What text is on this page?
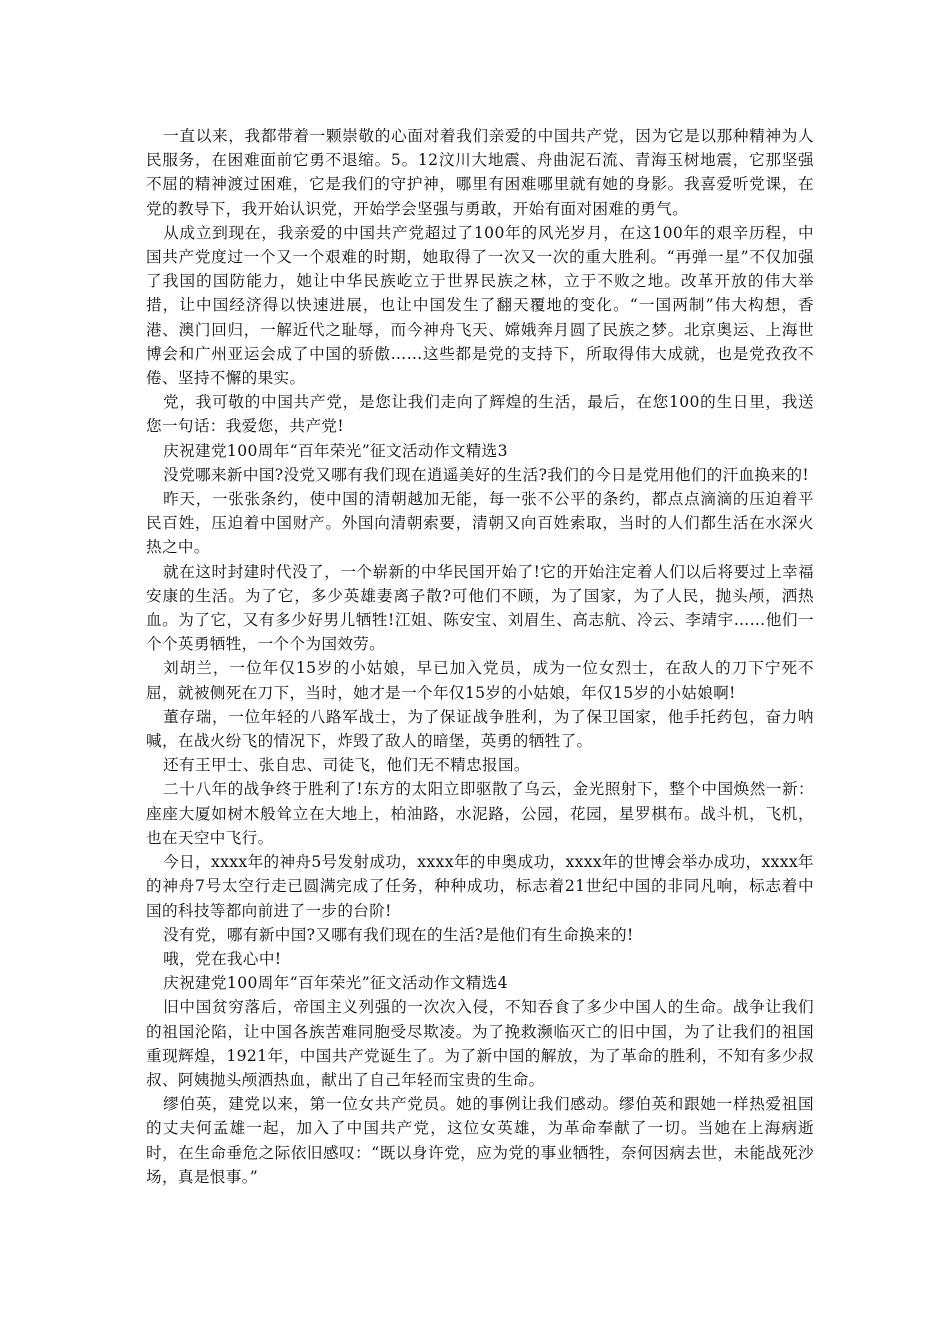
一直以来，我都带着一颗崇敬的心面对着我们亲爱的中国共产党，因为它是以那种精神为人民服务，在困难面前它勇不退缩。5。12汶川大地震、舟曲泥石流、青海玉树地震，它那坚强不屈的精神渡过困难，它是我们的守护神，哪里有困难哪里就有她的身影。我喜爱听党课，在党的教导下，我开始认识党，开始学会坚强与勇敢，开始有面对困难的勇气。

从成立到现在，我亲爱的中国共产党超过了100年的风光岁月，在这100年的艰辛历程，中国共产党度过一个又一个艰难的时期，她取得了一次又一次的重大胜利。“再弹一星”不仅加强了我国的国防能力，她让中华民族屹立于世界民族之林，立于不败之地。改革开放的伟大举措，让中国经济得以快速进展，也让中国发生了翻天覆地的变化。“一国两制”伟大构想，香港、澳门回归，一解近代之耻辱，而今神舟飞天、嫦娥奔月圆了民族之梦。北京奥运、上海世博会和广州亚运会成了中国的骄傲……这些都是党的支持下，所取得伟大成就，也是党孜孜不倦、坚持不懈的果实。

党，我可敬的中国共产党，是您让我们走向了辉煌的生活，最后，在您100的生日里，我送您一句话：我爱您，共产党!

庆祝建党100周年“百年荣光”征文活动作文精选3

没党哪来新中国?没党又哪有我们现在逍遥美好的生活?我们的今日是党用他们的汗血换来的!

昨天，一张张条约，使中国的清朝越加无能，每一张不公平的条约，都点点滴滴的压迫着平民百姓，压迫着中国财产。外国向清朝索要，清朝又向百姓索取，当时的人们都生活在水深火热之中。

就在这时封建时代没了，一个崭新的中华民国开始了!它的开始注定着人们以后将要过上幸福安康的生活。为了它，多少英雄妻离子散?可他们不顾，为了国家，为了人民，抛头颅，洒热血。为了它，又有多少好男儿牺牲!江姐、陈安宝、刘眉生、高志航、冷云、李靖宇……他们一个个英勇牺牲，一个个为国效劳。

刘胡兰，一位年仅15岁的小姑娘，早已加入党员，成为一位女烈士，在敌人的刀下宁死不屈，就被侧死在刀下，当时，她才是一个年仅15岁的小姑娘，年仅15岁的小姑娘啊!

董存瑞，一位年轻的八路军战士，为了保证战争胜利，为了保卫国家，他手托药包，奋力呐喊，在战火纷飞的情况下，炸毁了敌人的暗堡，英勇的牺牲了。

还有王甲士、张自忠、司徒飞，他们无不精忠报国。

二十八年的战争终于胜利了!东方的太阳立即驱散了乌云，金光照射下，整个中国焕然一新：座座大厦如树木般耸立在大地上，柏油路，水泥路，公园，花园，星罗棋布。战斗机，飞机，也在天空中飞行。

今日，xxxx年的神舟5号发射成功，xxxx年的申奥成功，xxxx年的世博会举办成功，xxxx年的神舟7号太空行走已圆满完成了任务，种种成功，标志着21世纪中国的非同凡响，标志着中国的科技等都向前进了一步的台阶!

没有党，哪有新中国?又哪有我们现在的生活?是他们有生命换来的!

哦，党在我心中!

庆祝建党100周年“百年荣光”征文活动作文精选4

旧中国贫穷落后，帝国主义列强的一次次入侵，不知吞食了多少中国人的生命。战争让我们的祖国沦陷，让中国各族苦难同胞受尽欺凌。为了挽救濒临灭亡的旧中国，为了让我们的祖国重现辉煌，1921年，中国共产党诞生了。为了新中国的解放，为了革命的胜利，不知有多少叔叔、阿姨抛头颅洒热血，献出了自己年轻而宝贵的生命。

缪伯英，建党以来，第一位女共产党员。她的事例让我们感动。缪伯英和跟她一样热爱祖国的丈夫何孟雄一起，加入了中国共产党，这位女英雄，为革命奉献了一切。当她在上海病逝时，在生命垂危之际依旧感叹：“既以身许党，应为党的事业牺牲，奈何因病去世，未能战死沙场，真是恨事。”
